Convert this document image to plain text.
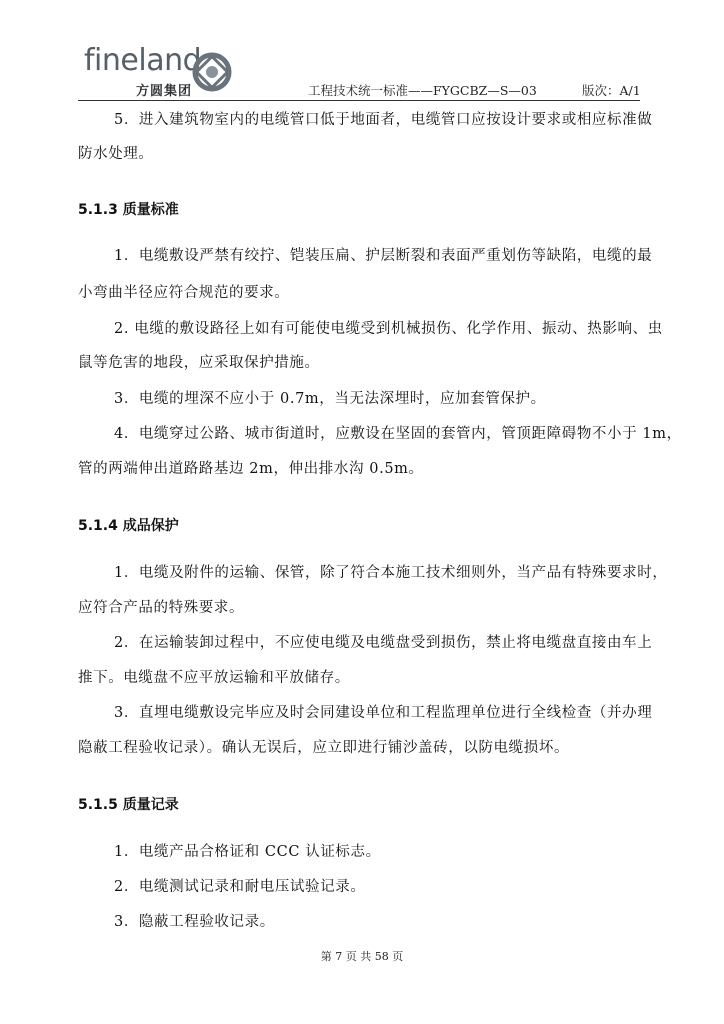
fineland
方圆集团	工程技术统一标准——FYGCBZ—S—03	版次：A/1
5．进入建筑物室内的电缆管口低于地面者，电缆管口应按设计要求或相应标准做
防水处理。
5.1.3 质量标准
1．电缆敷设严禁有绞拧、铠装压扁、护层断裂和表面严重划伤等缺陷，电缆的最
小弯曲半径应符合规范的要求。
2. 电缆的敷设路径上如有可能使电缆受到机械损伤、化学作用、振动、热影响、虫
鼠等危害的地段，应采取保护措施。
3．电缆的埋深不应小于 0.7m，当无法深埋时，应加套管保护。
4．电缆穿过公路、城市街道时，应敷设在坚固的套管内，管顶距障碍物不小于 1m，
管的两端伸出道路路基边 2m，伸出排水沟 0.5m。
5.1.4 成品保护
1．电缆及附件的运输、保管，除了符合本施工技术细则外，当产品有特殊要求时，
应符合产品的特殊要求。
2．在运输装卸过程中，不应使电缆及电缆盘受到损伤，禁止将电缆盘直接由车上
推下。电缆盘不应平放运输和平放储存。
3．直埋电缆敷设完毕应及时会同建设单位和工程监理单位进行全线检查（并办理
隐蔽工程验收记录）。确认无误后，应立即进行铺沙盖砖，以防电缆损坏。
5.1.5 质量记录
1．电缆产品合格证和 CCC 认证标志。
2．电缆测试记录和耐电压试验记录。
3．隐蔽工程验收记录。
第 7 页 共 58 页
